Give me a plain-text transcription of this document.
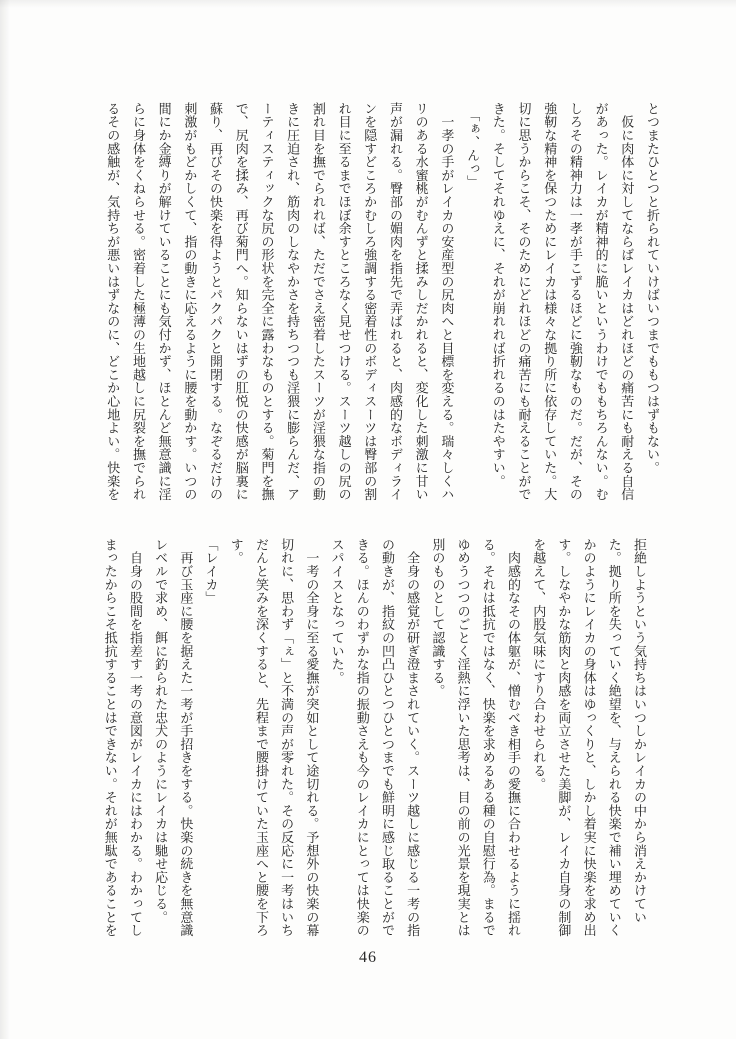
とつまたひとつと折られていけばいつまでももつはずもない。
　仮に肉体に対してならばレイカはどれほどの痛苦にも耐える自信
があった。レイカが精神的に脆いというわけでももちろんない。む
しろその精神力は一孝が手こずるほどに強靭なものだ。だが、その
強靭な精神を保つためにレイカは様々な拠り所に依存していた。大
切に思うからこそ、そのためにどれほどの痛苦にも耐えることがで
きた。そしてそれゆえに、それが崩れれば折れるのはたやすい。
　「ぁ、んっ」
　一孝の手がレイカの安産型の尻肉へと目標を変える。瑞々しくハ
リのある水蜜桃がむんずと揉みしだかれると、変化した刺激に甘い
声が漏れる。臀部の媚肉を指先で弄ばれると、肉感的なボディライ
ンを隠すどころかむしろ強調する密着性のボディスーツは臀部の割
れ目に至るまでほぼ余すところなく見せつける。スーツ越しの尻の
割れ目を撫でられれば、ただでさえ密着したスーツが淫猥な指の動
きに圧迫され、筋肉のしなやかさを持ちつつも淫猥に膨らんだ、ア
ーティスティックな尻の形状を完全に露わなものとする。菊門を撫
で、尻肉を揉み、再び菊門へ。知らないはずの肛悦の快感が脳裏に
蘇り、再びその快楽を得ようとパクパクと開閉する。なぞるだけの
刺激がもどかしくて、指の動きに応えるように腰を動かす。いつの
間にか金縛りが解けていることにも気付かず、ほとんど無意識に淫
らに身体をくねらせる。密着した極薄の生地越しに尻裂を撫でられ
るその感触が、気持ちが悪いはずなのに、どこか心地よい。快楽を
拒絶しようという気持ちはいつしかレイカの中から消えかけてい
た。拠り所を失っていく絶望を、与えられる快楽で補い埋めていく
かのようにレイカの身体はゆっくりと、しかし着実に快楽を求め出
す。しなやかな筋肉と肉感を両立させた美脚が、レイカ自身の制御
を越えて、内股気味にすり合わせられる。
　肉感的なその体躯が、憎むべき相手の愛撫に合わせるように揺れ
る。それは抵抗ではなく、快楽を求めるある種の自慰行為。まるで
ゆめうつつのごとく淫熱に浮いた思考は、目の前の光景を現実とは
別のものとして認識する。
　全身の感覚が研ぎ澄まされていく。スーツ越しに感じる一考の指
の動きが、指紋の凹凸ひとつひとつまでも鮮明に感じ取ることがで
きる。ほんのわずかな指の振動さえも今のレイカにとっては快楽の
スパイスとなっていた。
　一考の全身に至る愛撫が突如として途切れる。予想外の快楽の幕
切れに、思わず「ぇ」と不満の声が零れた。その反応に一考はいち
だんと笑みを深くすると、先程まで腰掛けていた玉座へと腰を下ろ
す。
「レイカ」
　再び玉座に腰を据えた一考が手招きをする。快楽の続きを無意識
レベルで求め、餌に釣られた忠犬のようにレイカは馳せ応じる。
　自身の股間を指差す一考の意図がレイカにはわかる。わかってし
まったからこそ抵抗することはできない。それが無駄であることを
46
